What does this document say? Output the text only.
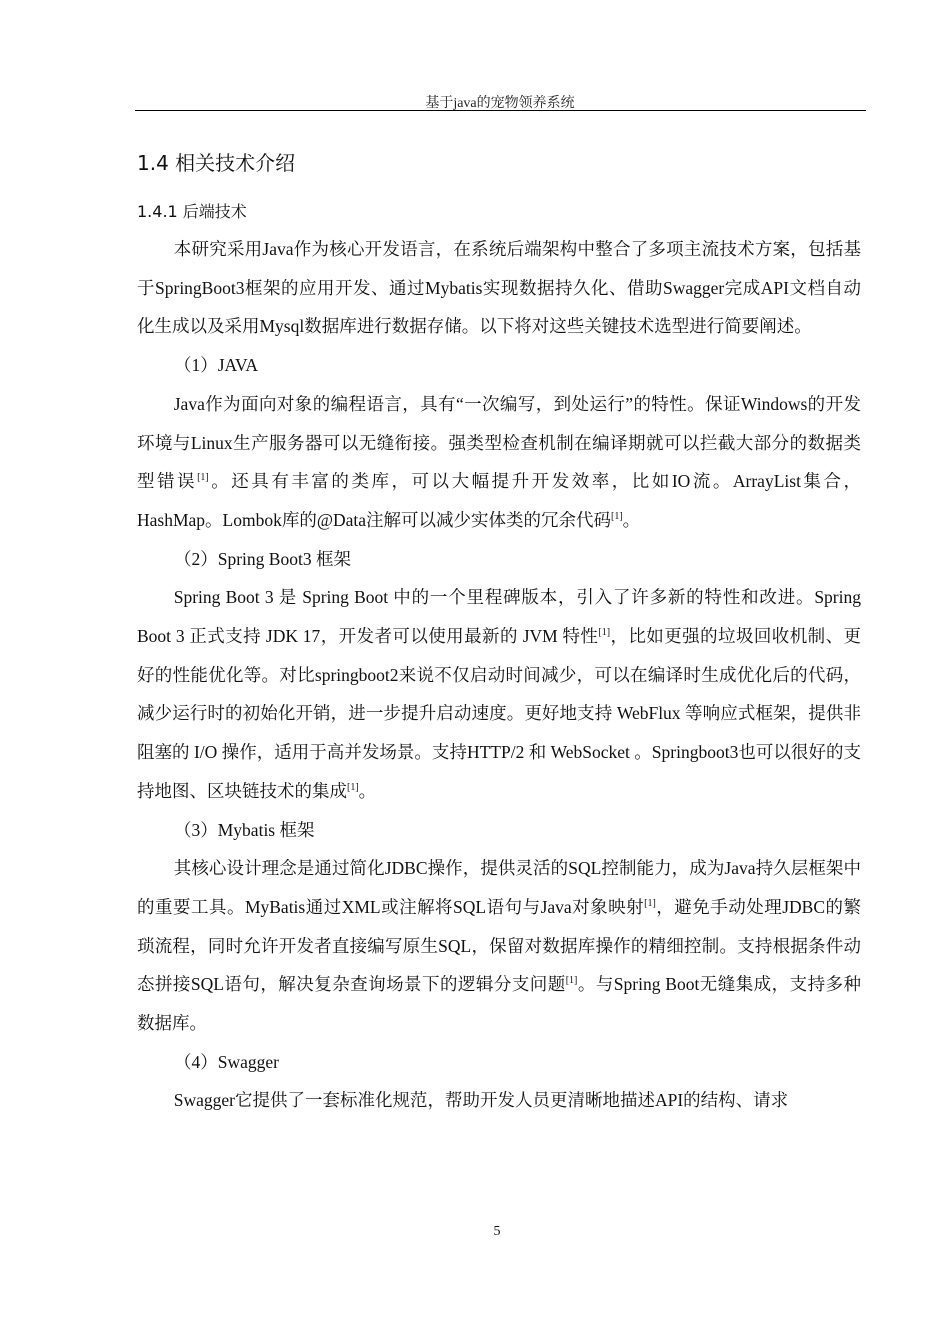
基于java的宠物领养系统
1.4 相关技术介绍
1.4.1 后端技术

本研究采用Java作为核心开发语言，在系统后端架构中整合了多项主流技术方案，包括基于SpringBoot3框架的应用开发、通过Mybatis实现数据持久化、借助Swagger完成API文档自动化生成以及采用Mysql数据库进行数据存储。以下将对这些关键技术选型进行简要阐述。

（1）JAVA

Java作为面向对象的编程语言，具有“一次编写，到处运行”的特性。保证Windows的开发环境与Linux生产服务器可以无缝衔接。强类型检查机制在编译期就可以拦截大部分的数据类型错误[1]。还具有丰富的类库，可以大幅提升开发效率，比如IO流。ArrayList集合，HashMap。Lombok库的@Data注解可以减少实体类的冗余代码[1]。

（2）Spring Boot3 框架

Spring Boot 3 是 Spring Boot 中的一个里程碑版本，引入了许多新的特性和改进。Spring Boot 3 正式支持 JDK 17，开发者可以使用最新的 JVM 特性[1]，比如更强的垃圾回收机制、更好的性能优化等。对比springboot2来说不仅启动时间减少，可以在编译时生成优化后的代码，减少运行时的初始化开销，进一步提升启动速度。更好地支持 WebFlux 等响应式框架，提供非阻塞的 I/O 操作，适用于高并发场景。支持HTTP/2 和 WebSocket 。Springboot3也可以很好的支持地图、区块链技术的集成[1]。

（3）Mybatis 框架

其核心设计理念是通过简化JDBC操作，提供灵活的SQL控制能力，成为Java持久层框架中的重要工具。MyBatis通过XML或注解将SQL语句与Java对象映射[1]，避免手动处理JDBC的繁琐流程，同时允许开发者直接编写原生SQL，保留对数据库操作的精细控制。支持根据条件动态拼接SQL语句，解决复杂查询场景下的逻辑分支问题[1]。与Spring Boot无缝集成，支持多种数据库。

（4）Swagger

Swagger它提供了一套标准化规范，帮助开发人员更清晰地描述API的结构、请求

5
